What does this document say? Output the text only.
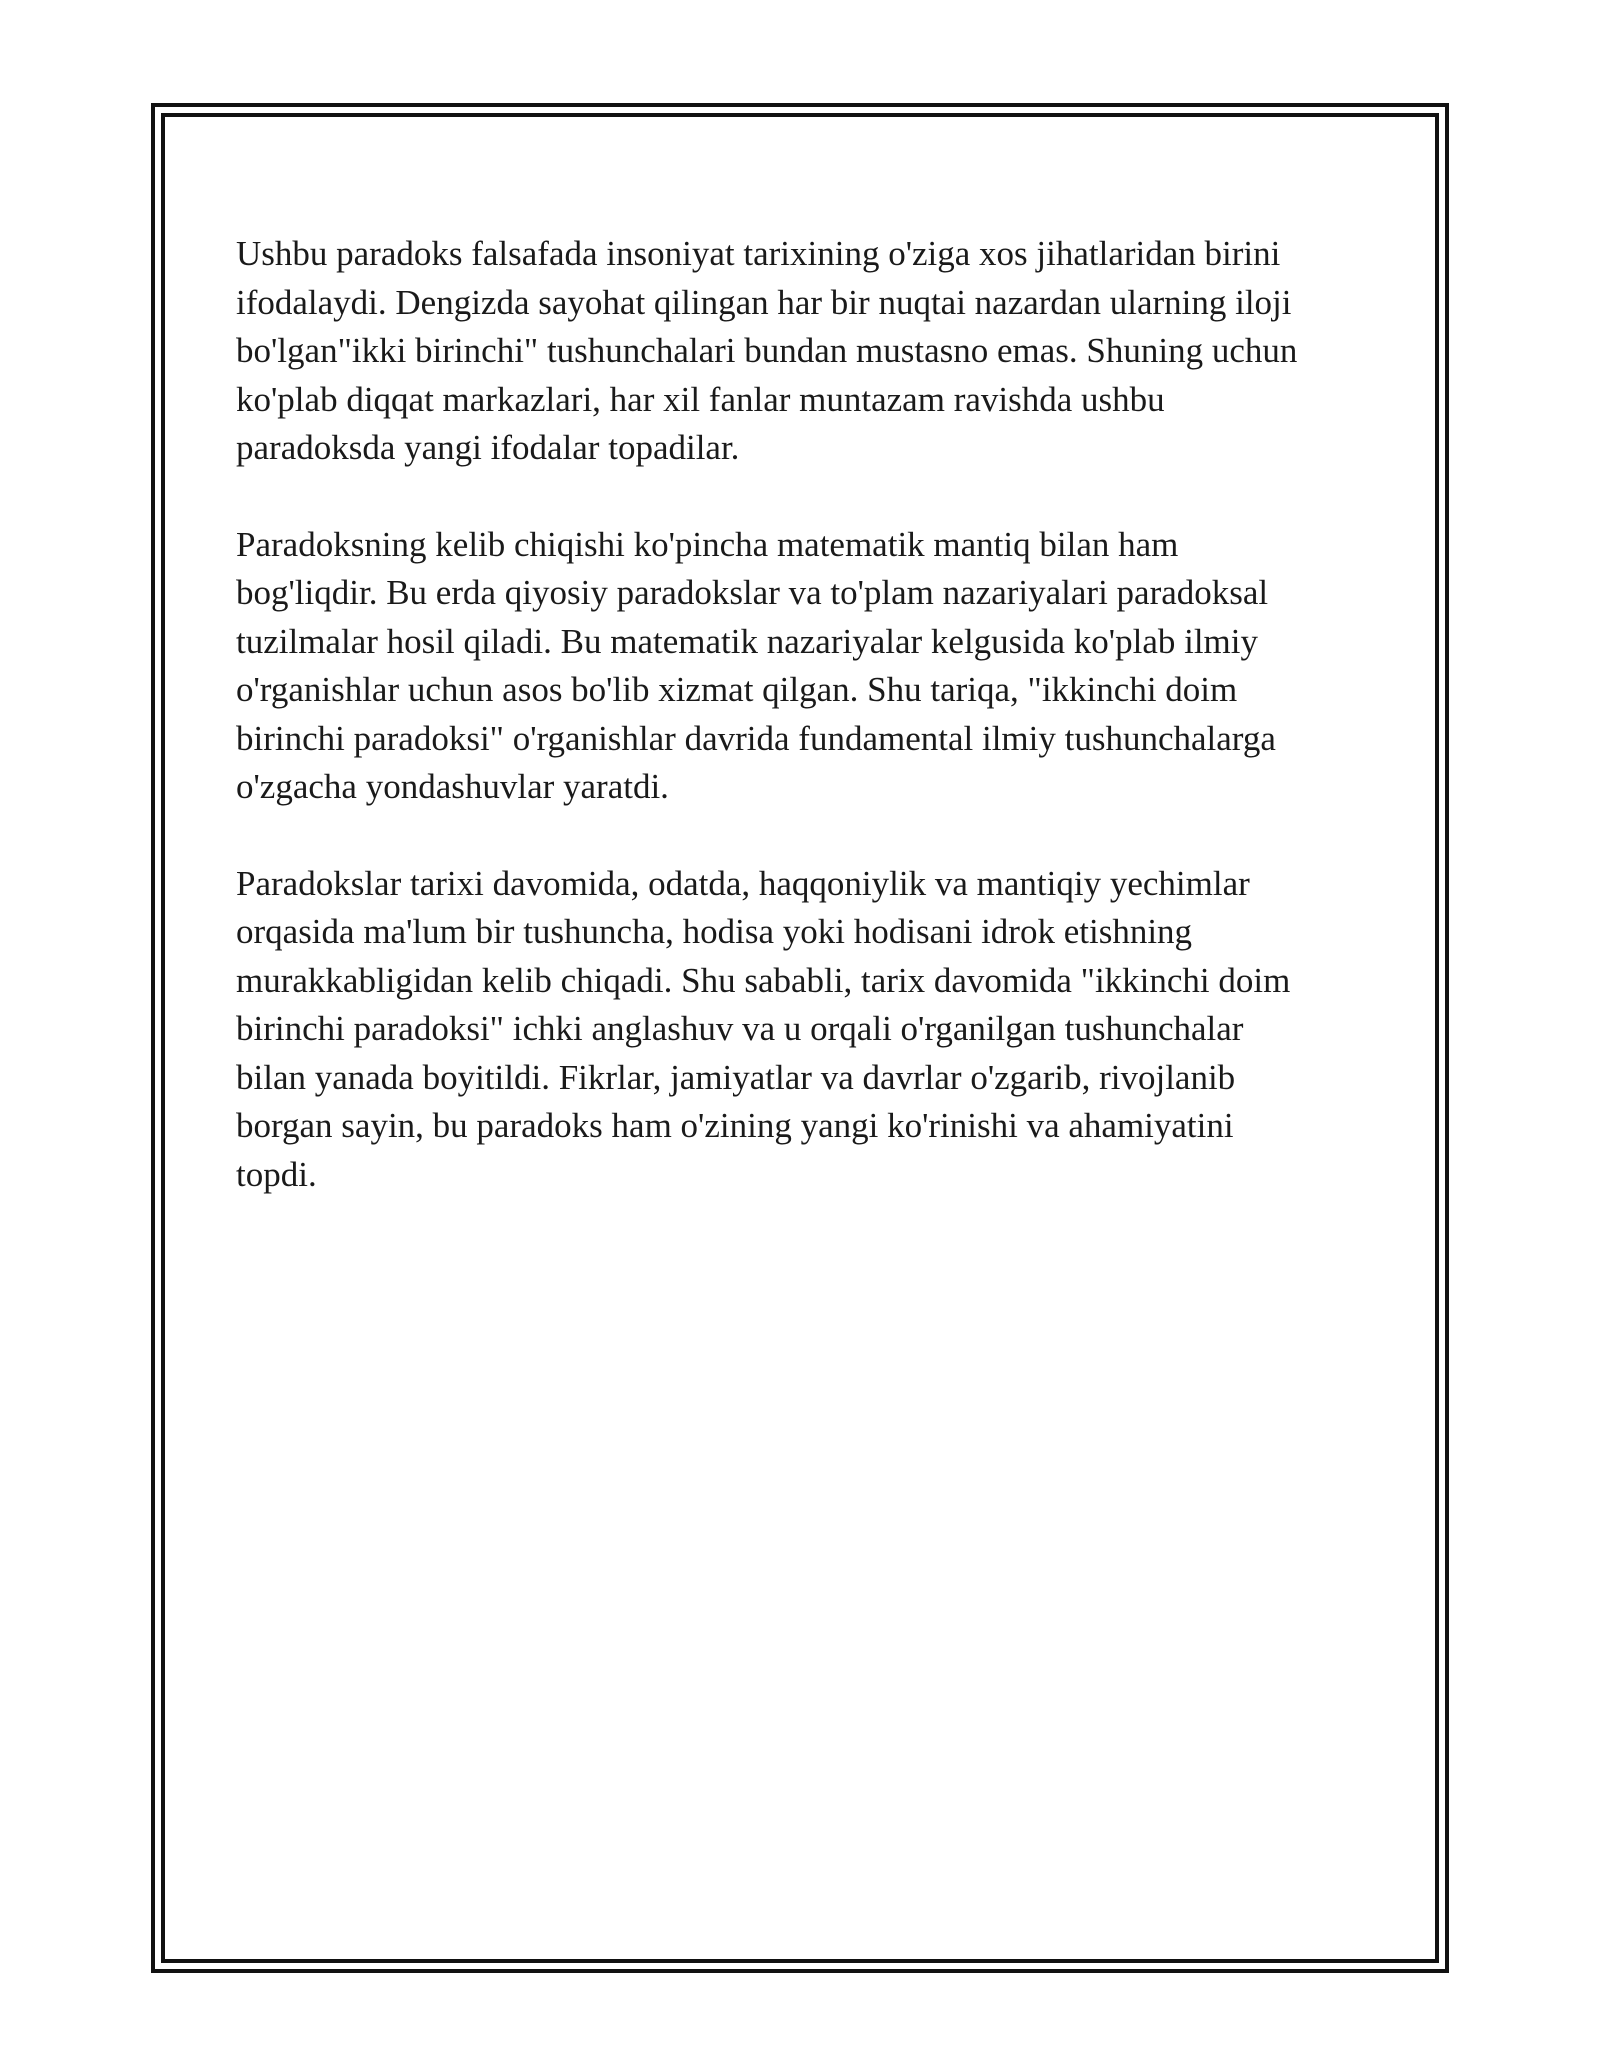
Ushbu paradoks falsafada insoniyat tarixining o'ziga xos jihatlaridan birini
ifodalaydi. Dengizda sayohat qilingan har bir nuqtai nazardan ularning iloji
bo'lgan"ikki birinchi" tushunchalari bundan mustasno emas. Shuning uchun
ko'plab diqqat markazlari, har xil fanlar muntazam ravishda ushbu
paradoksda yangi ifodalar topadilar.

Paradoksning kelib chiqishi ko'pincha matematik mantiq bilan ham
bog'liqdir. Bu erda qiyosiy paradokslar va to'plam nazariyalari paradoksal
tuzilmalar hosil qiladi. Bu matematik nazariyalar kelgusida ko'plab ilmiy
o'rganishlar uchun asos bo'lib xizmat qilgan. Shu tariqa, "ikkinchi doim
birinchi paradoksi" o'rganishlar davrida fundamental ilmiy tushunchalarga
o'zgacha yondashuvlar yaratdi.

Paradokslar tarixi davomida, odatda, haqqoniylik va mantiqiy yechimlar
orqasida ma'lum bir tushuncha, hodisa yoki hodisani idrok etishning
murakkabligidan kelib chiqadi. Shu sababli, tarix davomida "ikkinchi doim
birinchi paradoksi" ichki anglashuv va u orqali o'rganilgan tushunchalar
bilan yanada boyitildi. Fikrlar, jamiyatlar va davrlar o'zgarib, rivojlanib
borgan sayin, bu paradoks ham o'zining yangi ko'rinishi va ahamiyatini
topdi.
